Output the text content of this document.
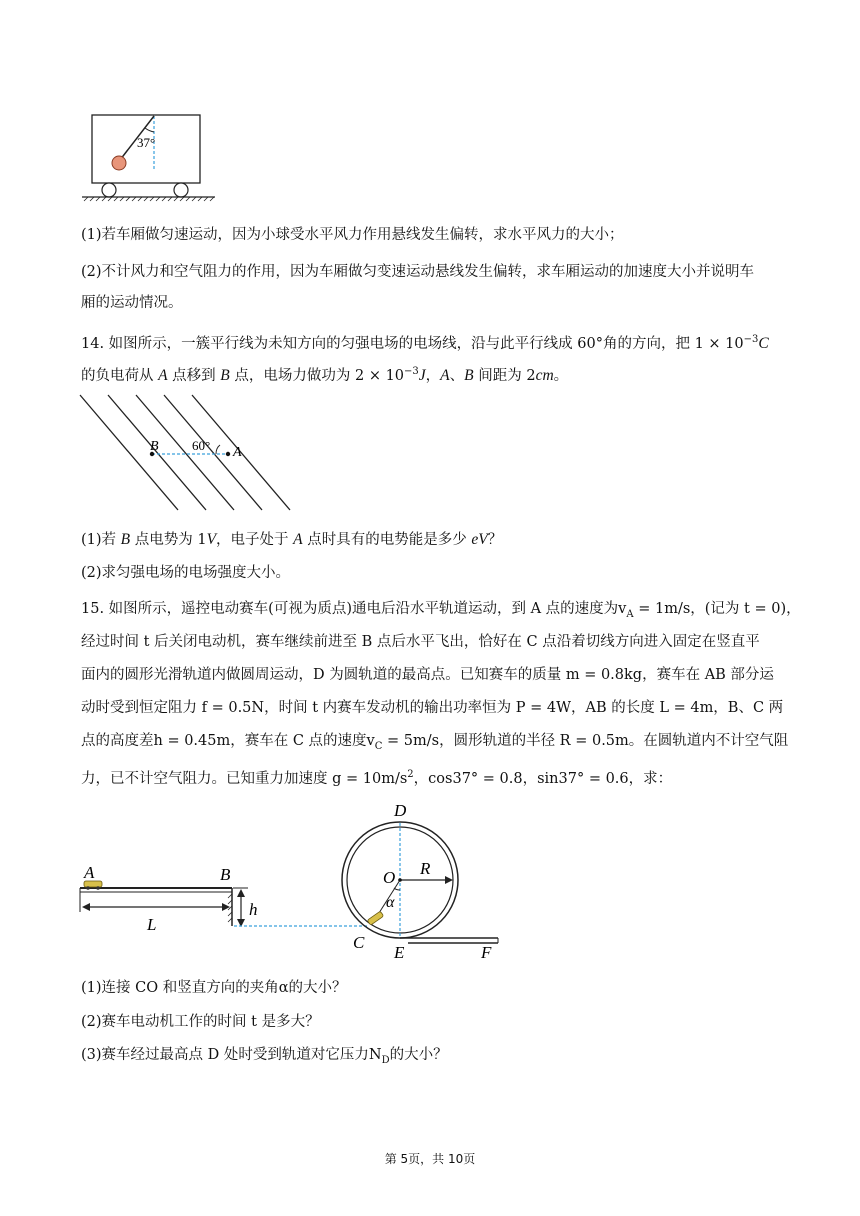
37°
(1)若车厢做匀速运动，因为小球受水平风力作用悬线发生偏转，求水平风力的大小；
(2)不计风力和空气阻力的作用，因为车厢做匀变速运动悬线发生偏转，求车厢运动的加速度大小并说明车
厢的运动情况。
14. 如图所示，一簇平行线为未知方向的匀强电场的电场线，沿与此平行线成 60°角的方向，把 $1 \times 10^{-3}C$
的负电荷从 A 点移到 B 点，电场力做功为 $2 \times 10^{-3}J$，A、B 间距为 2cm。
B	60° A
(1)若 B 点电势为 1V，电子处于 A 点时具有的电势能是多少 eV？
(2)求匀强电场的电场强度大小。
15. 如图所示，遥控电动赛车(可视为质点)通电后沿水平轨道运动，到 A 点的速度为$v_A = 1m/s$，(记为 t = 0)，
经过时间 t 后关闭电动机，赛车继续前进至 B 点后水平飞出，恰好在 C 点沿着切线方向进入固定在竖直平
面内的圆形光滑轨道内做圆周运动，D 为圆轨道的最高点。已知赛车的质量 m = 0.8kg，赛车在 AB 部分运
动时受到恒定阻力 f = 0.5N，时间 t 内赛车发动机的输出功率恒为 P = 4W，AB 的长度 L = 4m，B、C 两
点的高度差h = 0.45m，赛车在 C 点的速度$v_C = 5m/s$，圆形轨道的半径 R = 0.5m。在圆轨道内不计空气阻
力，已不计空气阻力。已知重力加速度 $g = 10m/s^2$，cos37° = 0.8，sin37° = 0.6，求：
A	B
L
h
D
O R
α
C
E	F
(1)连接 CO 和竖直方向的夹角α的大小？
(2)赛车电动机工作的时间 t 是多大？
(3)赛车经过最高点 D 处时受到轨道对它压力$N_D$的大小？
第 5页，共 10页
